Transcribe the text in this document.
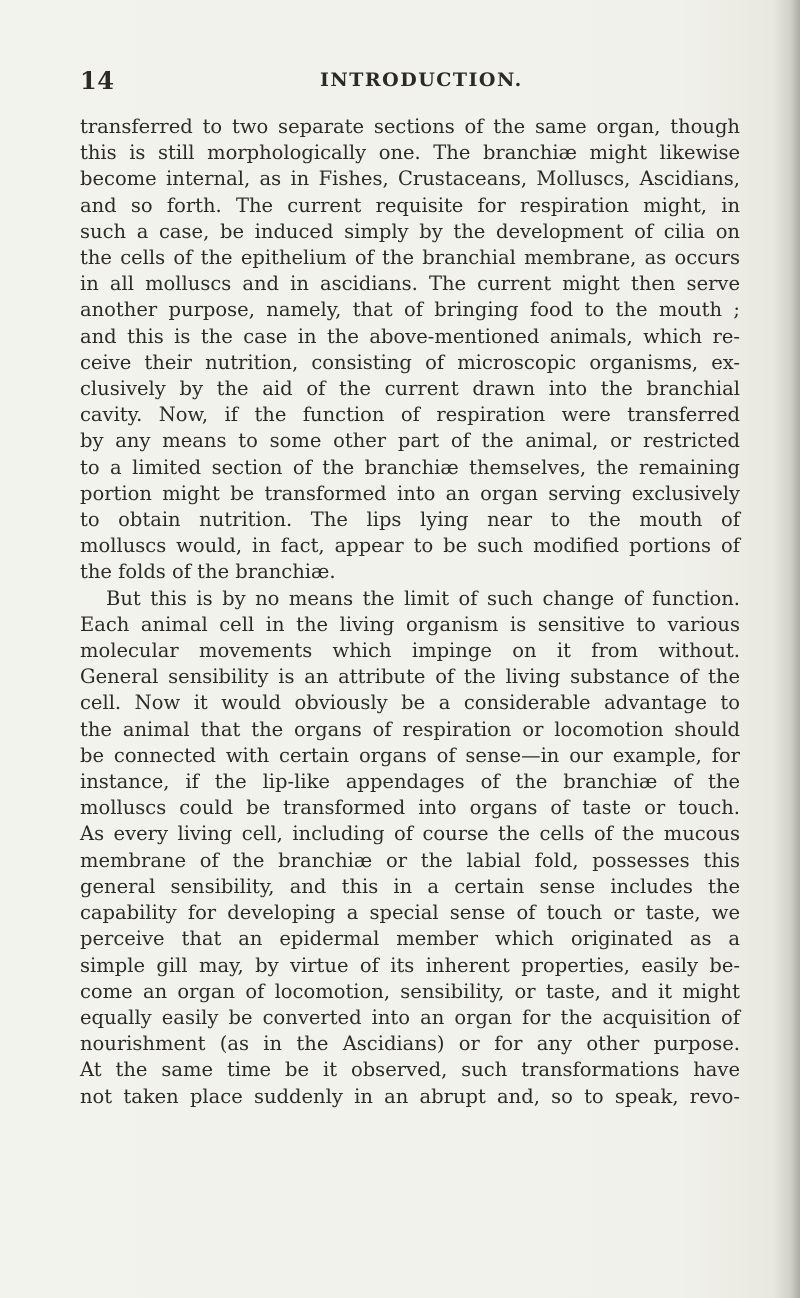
14	INTRODUCTION.

transferred to two separate sections of the same organ, though
this is still morphologically one. The branchiæ might likewise
become internal, as in Fishes, Crustaceans, Molluscs, Ascidians,
and so forth. The current requisite for respiration might, in
such a case, be induced simply by the development of cilia on
the cells of the epithelium of the branchial membrane, as occurs
in all molluscs and in ascidians. The current might then serve
another purpose, namely, that of bringing food to the mouth ;
and this is the case in the above-mentioned animals, which re-
ceive their nutrition, consisting of microscopic organisms, ex-
clusively by the aid of the current drawn into the branchial
cavity. Now, if the function of respiration were transferred
by any means to some other part of the animal, or restricted
to a limited section of the branchiæ themselves, the remaining
portion might be transformed into an organ serving exclusively
to obtain nutrition. The lips lying near to the mouth of
molluscs would, in fact, appear to be such modified portions of
the folds of the branchiæ.

But this is by no means the limit of such change of function.
Each animal cell in the living organism is sensitive to various
molecular movements which impinge on it from without.
General sensibility is an attribute of the living substance of the
cell. Now it would obviously be a considerable advantage to
the animal that the organs of respiration or locomotion should
be connected with certain organs of sense—in our example, for
instance, if the lip-like appendages of the branchiæ of the
molluscs could be transformed into organs of taste or touch.
As every living cell, including of course the cells of the mucous
membrane of the branchiæ or the labial fold, possesses this
general sensibility, and this in a certain sense includes the
capability for developing a special sense of touch or taste, we
perceive that an epidermal member which originated as a
simple gill may, by virtue of its inherent properties, easily be-
come an organ of locomotion, sensibility, or taste, and it might
equally easily be converted into an organ for the acquisition of
nourishment (as in the Ascidians) or for any other purpose.
At the same time be it observed, such transformations have
not taken place suddenly in an abrupt and, so to speak, revo-
